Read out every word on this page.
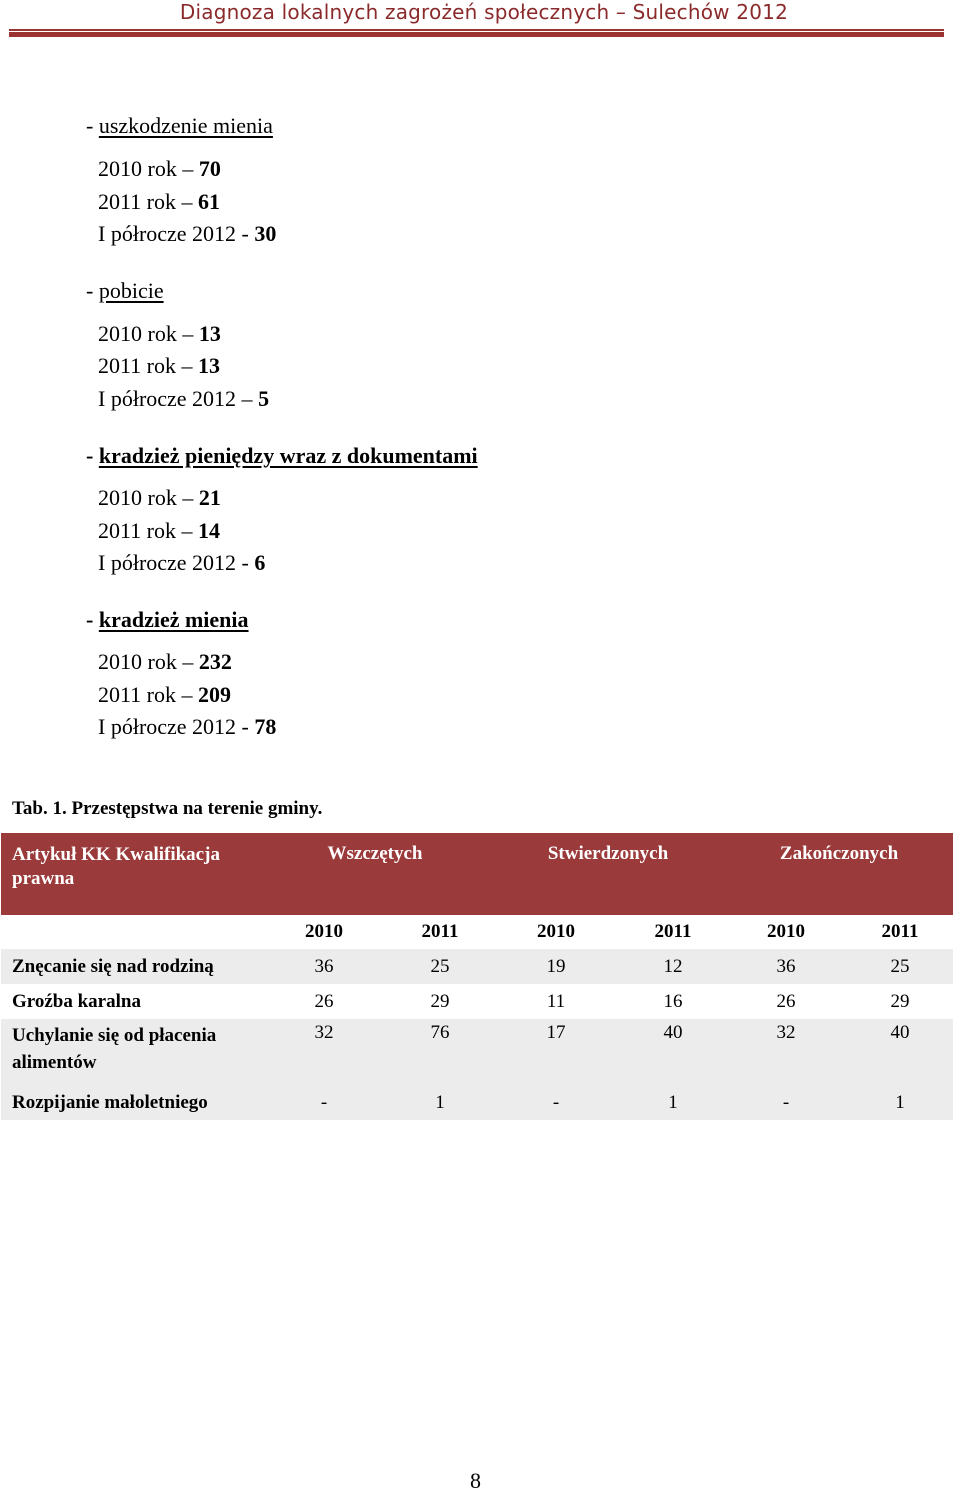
Diagnoza lokalnych zagrożeń społecznych – Sulechów 2012
- uszkodzenie mienia
2010 rok – 70
2011 rok – 61
I półrocze 2012 - 30
- pobicie
2010 rok – 13
2011 rok – 13
I półrocze 2012 – 5
- kradzież pieniędzy wraz z dokumentami
2010 rok – 21
2011 rok – 14
I półrocze 2012 - 6
- kradzież mienia
2010 rok – 232
2011 rok – 209
I półrocze 2012 - 78
Tab. 1. Przestępstwa na terenie gminy.
Artykuł KK Kwalifikacja prawna	Wszczętych		Stwierdzonych		Zakończonych	
	2010	2011	2010	2011	2010	2011
Znęcanie się nad rodziną	36	25	19	12	36	25
Groźba karalna	26	29	11	16	26	29
Uchylanie się od płacenia alimentów	32	76	17	40	32	40
Rozpijanie małoletniego	-	1	-	1	-	1
8
